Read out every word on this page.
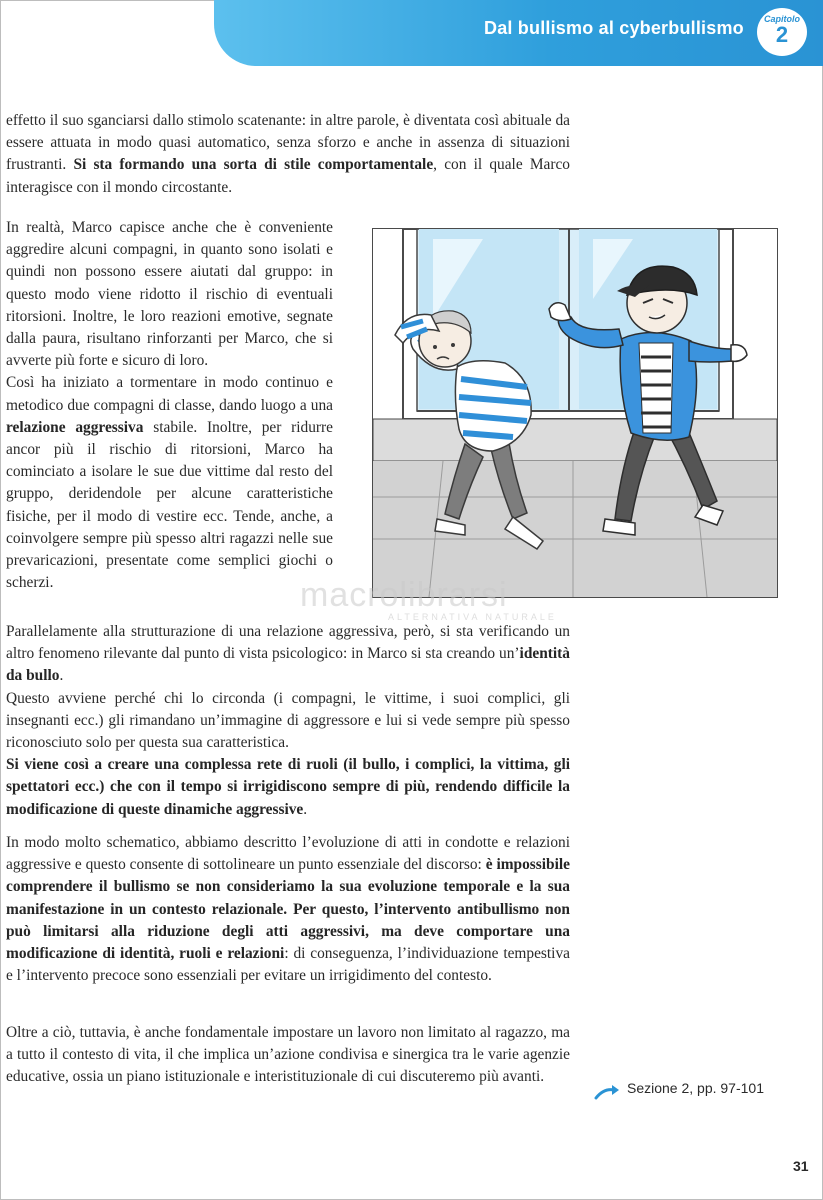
Dal bullismo al cyberbullismo	Capitolo
2

effetto il suo sganciarsi dallo stimolo scatenante: in altre parole, è diventata così abituale da essere attuata in modo quasi automatico, senza sforzo e anche in assenza di situazioni frustranti. Si sta formando una sorta di stile comportamentale, con il quale Marco interagisce con il mondo circostante.

In realtà, Marco capisce anche che è conveniente aggredire alcuni compagni, in quanto sono isolati e quindi non possono essere aiutati dal gruppo: in questo modo viene ridotto il rischio di eventuali ritorsioni. Inoltre, le loro reazioni emotive, segnate dalla paura, risultano rinforzanti per Marco, che si avverte più forte e sicuro di loro.
Così ha iniziato a tormentare in modo continuo e metodico due compagni di classe, dando luogo a una relazione aggressiva stabile. Inoltre, per ridurre ancor più il rischio di ritorsioni, Marco ha cominciato a isolare le sue due vittime dal resto del gruppo, deridendole per alcune caratteristiche fisiche, per il modo di vestire ecc. Tende, anche, a coinvolgere sempre più spesso altri ragazzi nelle sue prevaricazioni, presentate come semplici giochi o scherzi.

Parallelamente alla strutturazione di una relazione aggressiva, però, si sta verificando un altro fenomeno rilevante dal punto di vista psicologico: in Marco si sta creando un’identità da bullo.
Questo avviene perché chi lo circonda (i compagni, le vittime, i suoi complici, gli insegnanti ecc.) gli rimandano un’immagine di aggressore e lui si vede sempre più spesso riconosciuto solo per questa sua caratteristica.
Si viene così a creare una complessa rete di ruoli (il bullo, i complici, la vittima, gli spettatori ecc.) che con il tempo si irrigidiscono sempre di più, rendendo difficile la modificazione di queste dinamiche aggressive.

In modo molto schematico, abbiamo descritto l’evoluzione di atti in condotte e relazioni aggressive e questo consente di sottolineare un punto essenziale del discorso: è impossibile comprendere il bullismo se non consideriamo la sua evoluzione temporale e la sua manifestazione in un contesto relazionale. Per questo, l’intervento antibullismo non può limitarsi alla riduzione degli atti aggressivi, ma deve comportare una modificazione di identità, ruoli e relazioni: di conseguenza, l’individuazione tempestiva e l’intervento precoce sono essenziali per evitare un irrigidimento del contesto.

Oltre a ciò, tuttavia, è anche fondamentale impostare un lavoro non limitato al ragazzo, ma a tutto il contesto di vita, il che implica un’azione condivisa e sinergica tra le varie agenzie educative, ossia un piano istituzionale e interistituzionale di cui discuteremo più avanti.

macrolibrarsi
ALTERNATIVA NATURALE
Sezione 2, pp. 97-101
31
